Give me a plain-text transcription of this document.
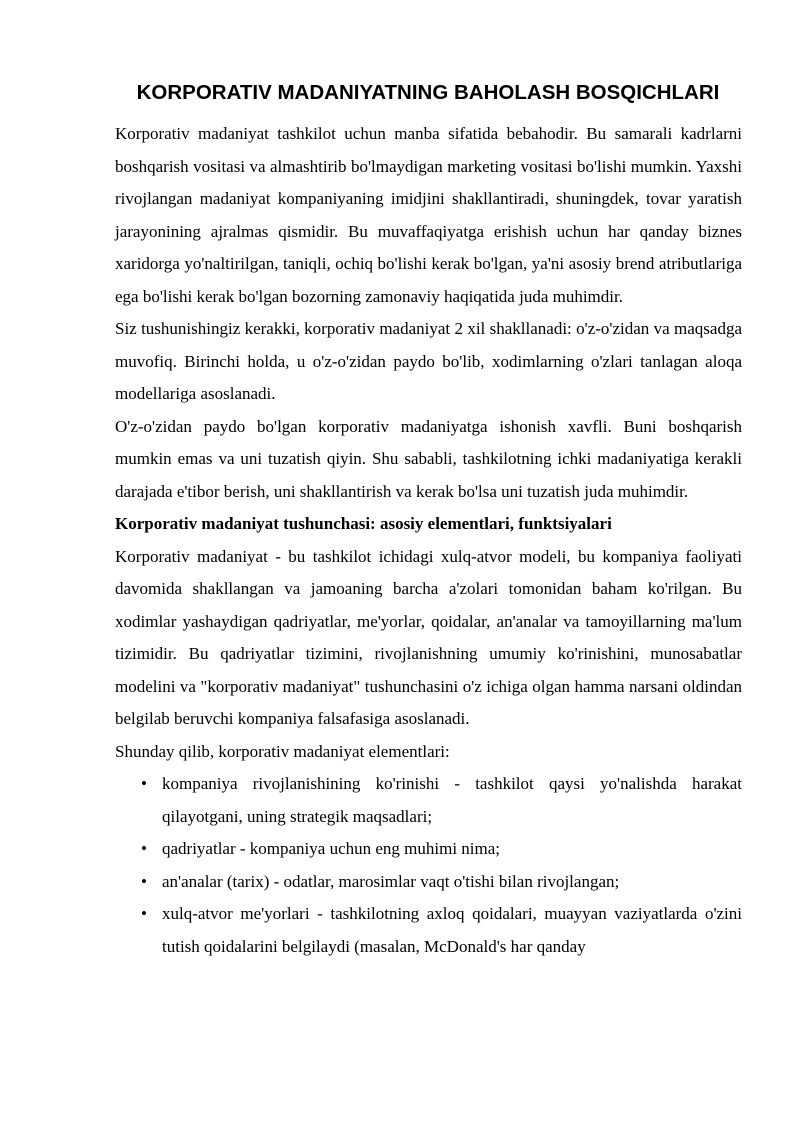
KORPORATIV MADANIYATNING BAHOLASH BOSQICHLARI

Korporativ madaniyat tashkilot uchun manba sifatida bebahodir. Bu samarali kadrlarni boshqarish vositasi va almashtirib bo'lmaydigan marketing vositasi bo'lishi mumkin. Yaxshi rivojlangan madaniyat kompaniyaning imidjini shakllantiradi, shuningdek, tovar yaratish jarayonining ajralmas qismidir. Bu muvaffaqiyatga erishish uchun har qanday biznes xaridorga yo'naltirilgan, taniqli, ochiq bo'lishi kerak bo'lgan, ya'ni asosiy brend atributlariga ega bo'lishi kerak bo'lgan bozorning zamonaviy haqiqatida juda muhimdir.

Siz tushunishingiz kerakki, korporativ madaniyat 2 xil shakllanadi: o'z-o'zidan va maqsadga muvofiq. Birinchi holda, u o'z-o'zidan paydo bo'lib, xodimlarning o'zlari tanlagan aloqa modellariga asoslanadi.

O'z-o'zidan paydo bo'lgan korporativ madaniyatga ishonish xavfli. Buni boshqarish mumkin emas va uni tuzatish qiyin. Shu sababli, tashkilotning ichki madaniyatiga kerakli darajada e'tibor berish, uni shakllantirish va kerak bo'lsa uni tuzatish juda muhimdir.

Korporativ madaniyat tushunchasi: asosiy elementlari, funktsiyalari

Korporativ madaniyat - bu tashkilot ichidagi xulq-atvor modeli, bu kompaniya faoliyati davomida shakllangan va jamoaning barcha a'zolari tomonidan baham ko'rilgan. Bu xodimlar yashaydigan qadriyatlar, me'yorlar, qoidalar, an'analar va tamoyillarning ma'lum tizimidir. Bu qadriyatlar tizimini, rivojlanishning umumiy ko'rinishini, munosabatlar modelini va "korporativ madaniyat" tushunchasini o'z ichiga olgan hamma narsani oldindan belgilab beruvchi kompaniya falsafasiga asoslanadi.

Shunday qilib, korporativ madaniyat elementlari:

• kompaniya rivojlanishining ko'rinishi - tashkilot qaysi yo'nalishda harakat qilayotgani, uning strategik maqsadlari;
• qadriyatlar - kompaniya uchun eng muhimi nima;
• an'analar (tarix) - odatlar, marosimlar vaqt o'tishi bilan rivojlangan;
• xulq-atvor me'yorlari - tashkilotning axloq qoidalari, muayyan vaziyatlarda o'zini tutish qoidalarini belgilaydi (masalan, McDonald's har qanday
